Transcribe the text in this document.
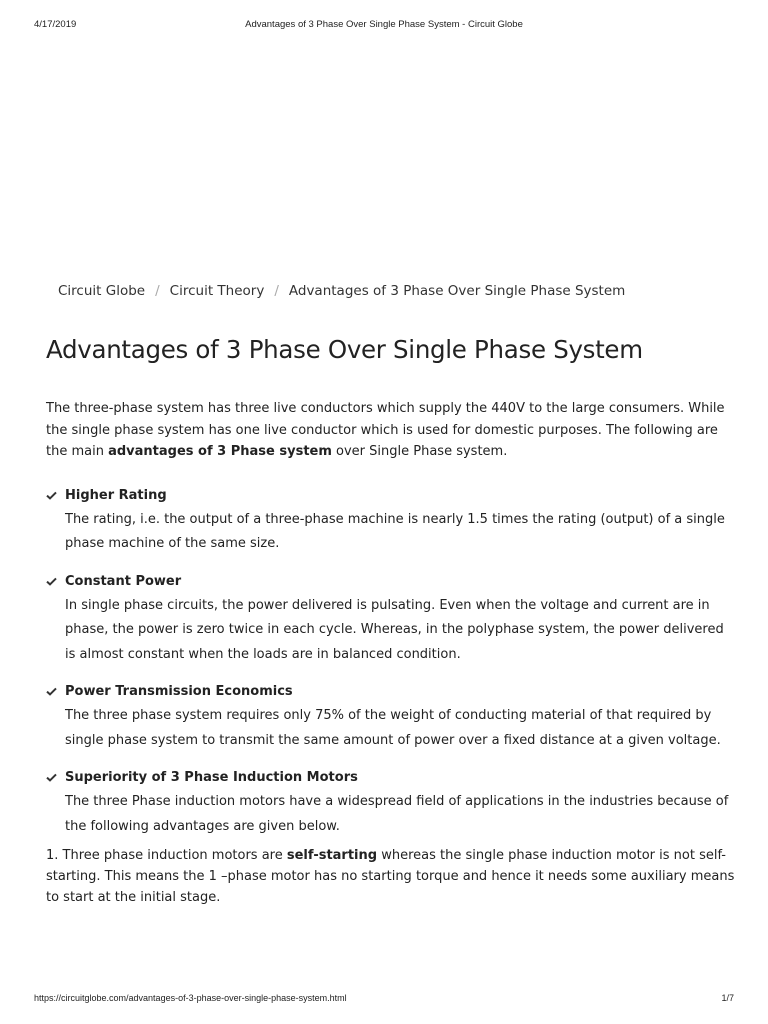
4/17/2019	Advantages of 3 Phase Over Single Phase System - Circuit Globe
Circuit Globe / Circuit Theory / Advantages of 3 Phase Over Single Phase System
Advantages of 3 Phase Over Single Phase System

The three-phase system has three live conductors which supply the 440V to the large consumers. While the single phase system has one live conductor which is used for domestic purposes. The following are the main advantages of 3 Phase system over Single Phase system.

Higher Rating

The rating, i.e. the output of a three-phase machine is nearly 1.5 times the rating (output) of a single phase machine of the same size.

Constant Power

In single phase circuits, the power delivered is pulsating. Even when the voltage and current are in phase, the power is zero twice in each cycle. Whereas, in the polyphase system, the power delivered is almost constant when the loads are in balanced condition.

Power Transmission Economics

The three phase system requires only 75% of the weight of conducting material of that required by single phase system to transmit the same amount of power over a fixed distance at a given voltage.

Superiority of 3 Phase Induction Motors

The three Phase induction motors have a widespread field of applications in the industries because of the following advantages are given below.

1. Three phase induction motors are self-starting whereas the single phase induction motor is not self-starting. This means the 1 –phase motor has no starting torque and hence it needs some auxiliary means to start at the initial stage.

https://circuitglobe.com/advantages-of-3-phase-over-single-phase-system.html	1/7
